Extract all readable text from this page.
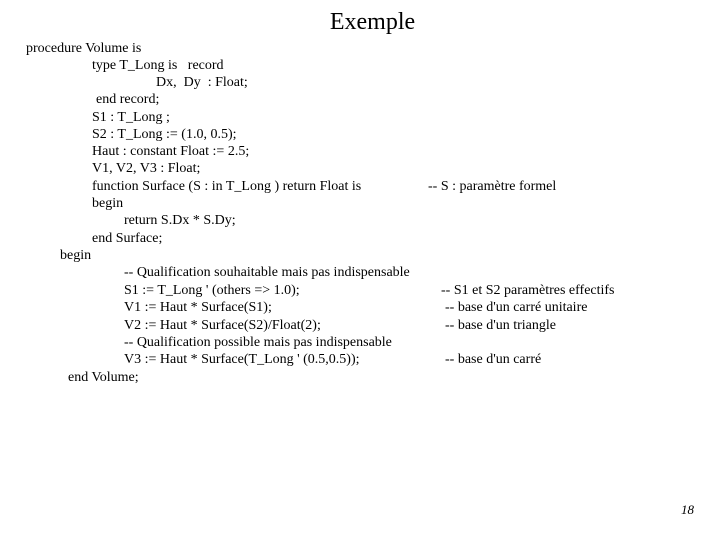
Exemple
procedure Volume is
type T_Long is   record
Dx,  Dy  : Float;
end record;
S1 : T_Long ;
S2 : T_Long := (1.0, 0.5);
Haut : constant Float := 2.5;
V1, V2, V3 : Float;
function Surface (S : in T_Long ) return Float is	-- S : paramètre formel
begin
return S.Dx * S.Dy;
end Surface;
begin
-- Qualification souhaitable mais pas indispensable
S1 := T_Long ' (others => 1.0);	-- S1 et S2 paramètres effectifs
V1 := Haut * Surface(S1);	-- base d'un carré unitaire
V2 := Haut * Surface(S2)/Float(2);	-- base d'un triangle
-- Qualification possible mais pas indispensable
V3 := Haut * Surface(T_Long ' (0.5,0.5));	-- base d'un carré
end Volume;
18
